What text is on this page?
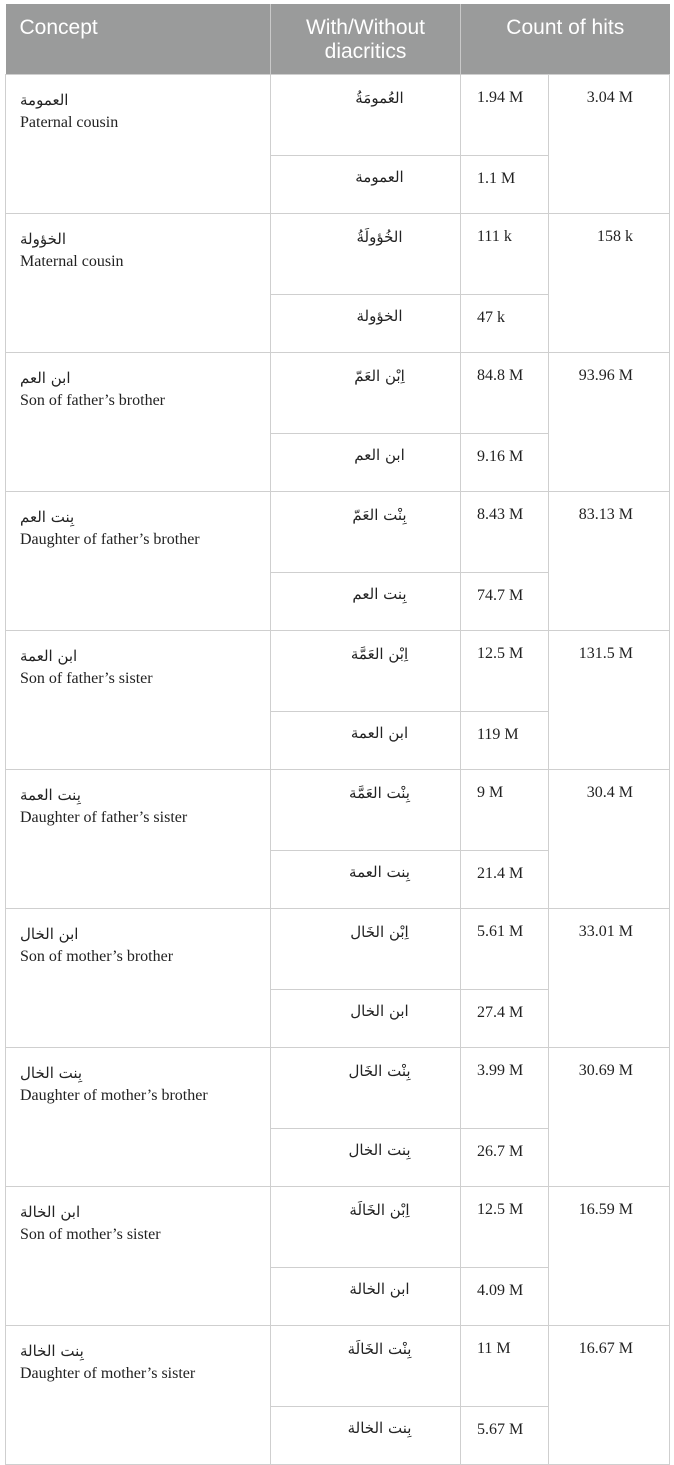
Concept	With/Without diacritics	Count of hits	

العمومة
Paternal cousin	العُمومَةُ	1.94 M	3.04 M
	العمومة	1.1 M	

الخؤولة
Maternal cousin	الخُؤولَةُ	111 k	158 k
	الخؤولة	47 k	

ابن العم
Son of father’s brother	اِبْن العَمّ	84.8 M	93.96 M
	ابن العم	9.16 M	

بِنت العم
Daughter of father’s brother	بِنْت العَمّ	8.43 M	83.13 M
	بِنت العم	74.7 M	

ابن العمة
Son of father’s sister	اِبْن العَمَّة	12.5 M	131.5 M
	ابن العمة	119 M	

بِنت العمة
Daughter of father’s sister	بِنْت العَمَّة	9 M	30.4 M
	بِنت العمة	21.4 M	

ابن الخال
Son of mother’s brother	اِبْن الخَال	5.61 M	33.01 M
	ابن الخال	27.4 M	

بِنت الخال
Daughter of mother’s brother	بِنْت الخَال	3.99 M	30.69 M
	بِنت الخال	26.7 M	

ابن الخالة
Son of mother’s sister	اِبْن الخَالَة	12.5 M	16.59 M
	ابن الخالة	4.09 M	

بِنت الخالة
Daughter of mother’s sister	بِنْت الخَالَة	11 M	16.67 M
	بِنت الخالة	5.67 M	
